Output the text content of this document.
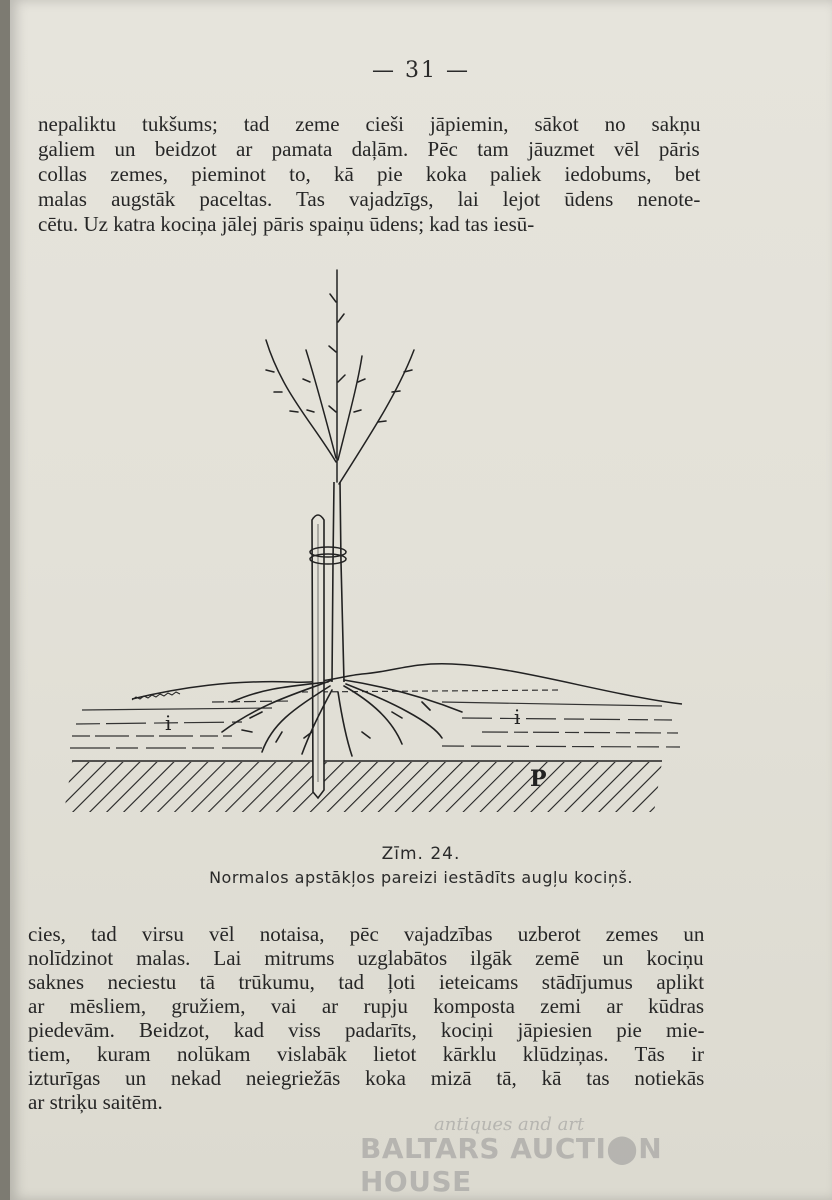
— 31 —
nepaliktu tukšums; tad zeme cieši jāpiemin, sākot no sakņu
galiem un beidzot ar pamata daļām. Pēc tam jāuzmet vēl pāris
collas zemes, pieminot to, kā pie koka paliek iedobums, bet
malas augstāk paceltas. Tas vajadzīgs, lai lejot ūdens nenote-
cētu. Uz katra kociņa jālej pāris spaiņu ūdens; kad tas iesū-
i	i
P
Zīm. 24.
Normalos apstākļos pareizi iestādīts augļu kociņš.
cies, tad virsu vēl notaisa, pēc vajadzības uzberot zemes un
nolīdzinot malas. Lai mitrums uzglabātos ilgāk zemē un kociņu
saknes neciestu tā trūkumu, tad ļoti ieteicams stādījumus aplikt
ar mēsliem, gružiem, vai ar rupju komposta zemi ar kūdras
piedevām. Beidzot, kad viss padarīts, kociņi jāpiesien pie mie-
tiem, kuram nolūkam vislabāk lietot kārklu klūdziņas. Tās ir
izturīgas un nekad neiegriežās koka mizā tā, kā tas notiekās
ar striķu saitēm.
antiques and art
BALTARS AUCTI⬤N HOUSE
